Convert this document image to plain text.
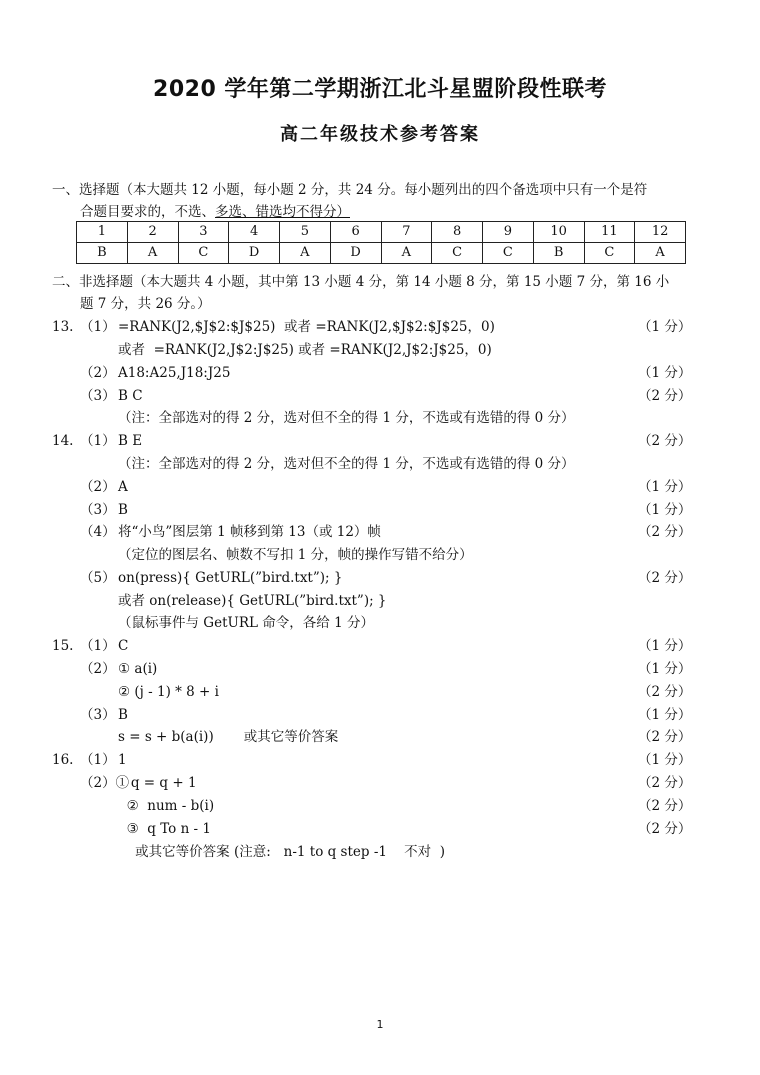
2020 学年第二学期浙江北斗星盟阶段性联考
高二年级技术参考答案
一、选择题（本大题共 12 小题，每小题 2 分，共 24 分。每小题列出的四个备选项中只有一个是符
合题目要求的，不选、多选、错选均不得分）
1	2	3	4	5	6	7	8	9	10	11	12
B	A	C	D	A	D	A	C	C	B	C	A
二、非选择题（本大题共 4 小题，其中第 13 小题 4 分，第 14 小题 8 分，第 15 小题 7 分，第 16 小
题 7 分，共 26 分。）
13. （1） =RANK(J2,$J$2:$J$25)  或者 =RANK(J2,$J$2:$J$25，0)	（1 分）
或者  =RANK(J2,J$2:J$25) 或者 =RANK(J2,J$2:J$25，0)
（2） A18:A25,J18:J25	（1 分）
（3） B C	（2 分）
（注：全部选对的得 2 分，选对但不全的得 1 分，不选或有选错的得 0 分）
14. （1） B E	（2 分）
（注：全部选对的得 2 分，选对但不全的得 1 分，不选或有选错的得 0 分）
（2） A	（1 分）
（3） B	（1 分）
（4） 将“小鸟”图层第 1 帧移到第 13（或 12）帧	（2 分）
（定位的图层名、帧数不写扣 1 分，帧的操作写错不给分）
（5） on(press){ GetURL(”bird.txt”); }	（2 分）
或者 on(release){ GetURL(”bird.txt”); }
（鼠标事件与 GetURL 命令，各给 1 分）
15. （1） C	（1 分）
（2） ① a(i)	（1 分）
② (j - 1) * 8 + i	（2 分）
（3） B	（1 分）
s = s + b(a(i))       或其它等价答案	（2 分）
16. （1） 1	（1 分）
（2）①
q = q + 1	（2 分）
②  num - b(i)	（2 分）
③  q To n - 1	（2 分）
或其它等价答案 (注意:   n-1 to q step -1    不对  )
1
